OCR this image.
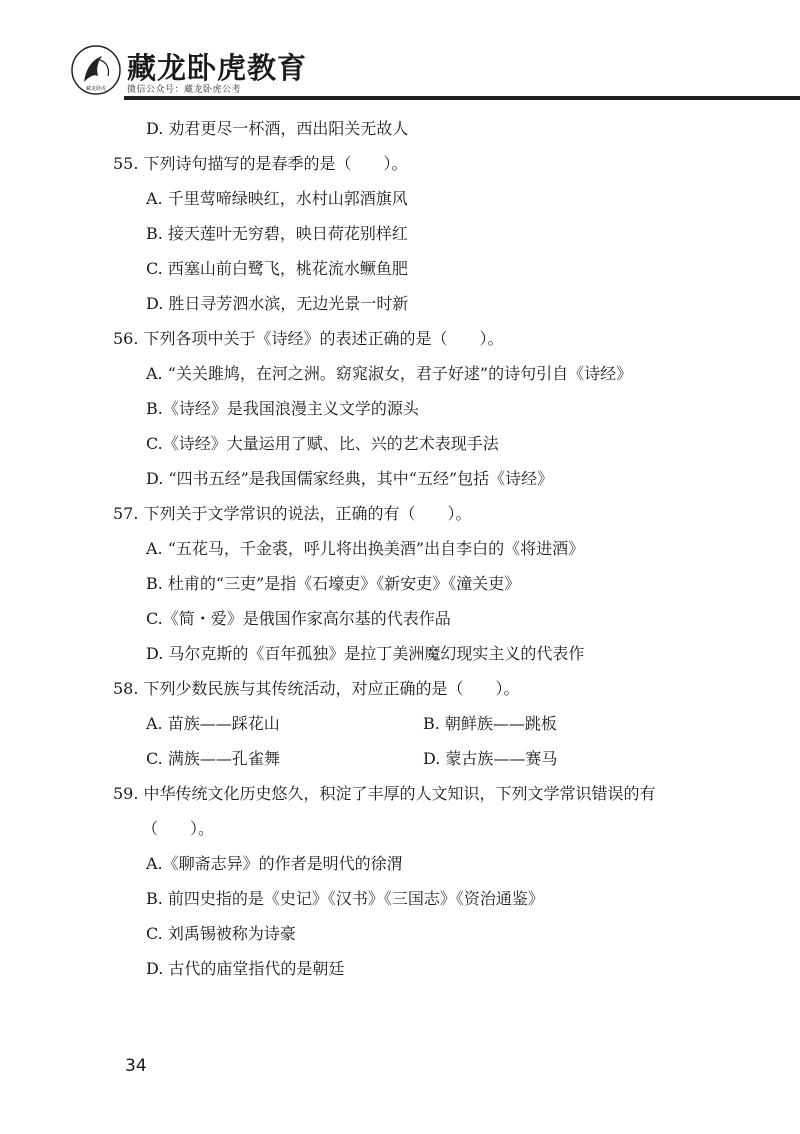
藏龙卧虎
藏龙卧虎教育
微信公众号：藏龙卧虎公考
D. 劝君更尽一杯酒，西出阳关无故人
55. 下列诗句描写的是春季的是（　　）。
A. 千里莺啼绿映红，水村山郭酒旗风
B. 接天莲叶无穷碧，映日荷花别样红
C. 西塞山前白鹭飞，桃花流水鳜鱼肥
D. 胜日寻芳泗水滨，无边光景一时新
56. 下列各项中关于《诗经》的表述正确的是（　　）。
A. “关关雎鸠，在河之洲。窈窕淑女，君子好逑”的诗句引自《诗经》
B.《诗经》是我国浪漫主义文学的源头
C.《诗经》大量运用了赋、比、兴的艺术表现手法
D. “四书五经”是我国儒家经典，其中“五经”包括《诗经》
57. 下列关于文学常识的说法，正确的有（　　）。
A. “五花马，千金裘，呼儿将出换美酒”出自李白的《将进酒》
B. 杜甫的“三吏”是指《石壕吏》《新安吏》《潼关吏》
C.《简・爱》是俄国作家高尔基的代表作品
D. 马尔克斯的《百年孤独》是拉丁美洲魔幻现实主义的代表作
58. 下列少数民族与其传统活动，对应正确的是（　　）。
A. 苗族——踩花山	B. 朝鲜族——跳板
C. 满族——孔雀舞	D. 蒙古族——赛马
59. 中华传统文化历史悠久，积淀了丰厚的人文知识，下列文学常识错误的有
（　　）。
A.《聊斋志异》的作者是明代的徐渭
B. 前四史指的是《史记》《汉书》《三国志》《资治通鉴》
C. 刘禹锡被称为诗豪
D. 古代的庙堂指代的是朝廷
34
